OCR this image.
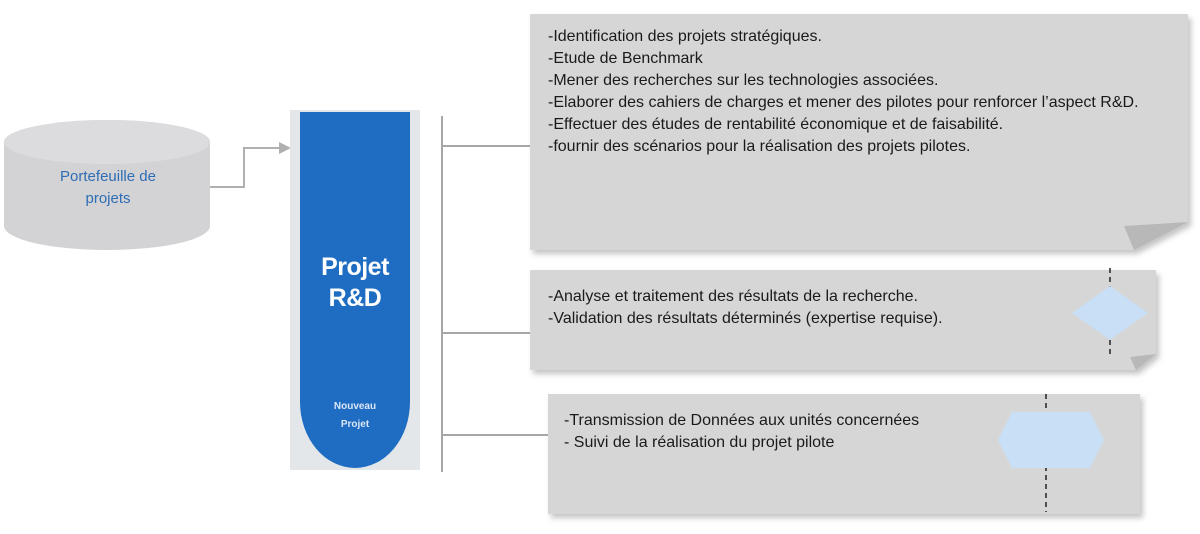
Portefeuille de
projets
Projet
R&D
Nouveau
Projet
-Identification des projets stratégiques.
-Etude de Benchmark
-Mener des recherches sur les technologies associées.
-Elaborer des cahiers de charges et mener des pilotes pour renforcer l’aspect R&D.
-Effectuer des études de rentabilité économique et de faisabilité.
-fournir des scénarios pour la réalisation des projets pilotes.
-Analyse et traitement des résultats de la recherche.
-Validation des résultats déterminés (expertise requise).
-Transmission de Données aux unités concernées
- Suivi de la réalisation du projet pilote
